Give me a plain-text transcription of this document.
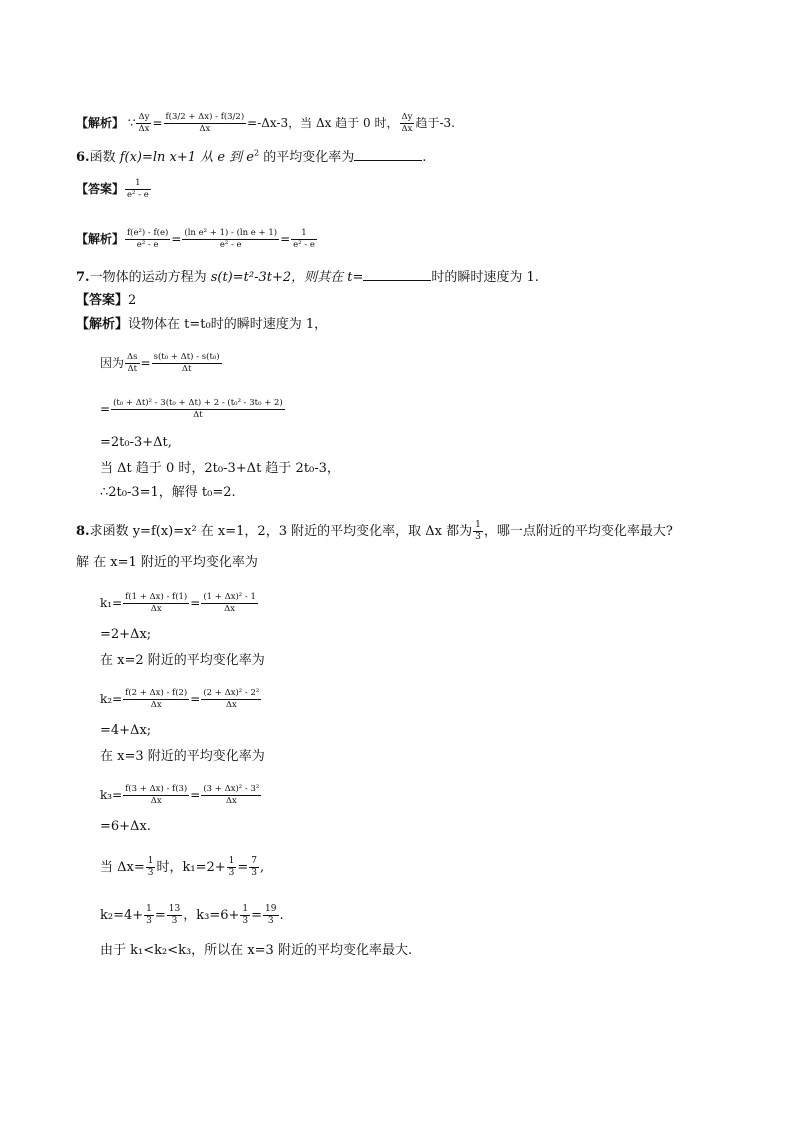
【解析】 ∵ $\frac{\Delta y}{\Delta x} = \frac{f(3/2 + \Delta x) - f(3/2)}{\Delta x} =-\Delta x-3$，当 Δx 趋于 0 时， $\frac{\Delta y}{\Delta x}$ 趋于-3.
6.函数 f(x)=ln x+1 从 e 到 $e^2$ 的平均变化率为	.
【答案】 $\frac{1}{\text{e² - e}}$
【解析】 $\frac{\text{f(e²) - f(e)}}{\text{e² - e}} = \frac{\text{(ln e² + 1) - (ln e + 1)}}{\text{e² - e}} = \frac{1}{\text{e² - e}}$
7.一物体的运动方程为 s(t)=t²-3t+2，则其在 t=	时的瞬时速度为 1.
【答案】2
【解析】设物体在 t=t₀时的瞬时速度为 1，
因为 $\frac{\Delta s}{\Delta t} = \frac{\text{s(t₀ + Δt) - s(t₀)}}{\Delta t}$
= $\frac{\text{(t₀ + Δt)² - 3(t₀ + Δt) + 2 - (t₀² - 3t₀ + 2)}}{\Delta t}$
=2t₀-3+Δt,
当 Δt 趋于 0 时，2t₀-3+Δt 趋于 2t₀-3，
∴2t₀-3=1，解得 t₀=2.
8.求函数 y=f(x)=x² 在 x=1，2，3 附近的平均变化率，取 Δx 都为 $\frac{1}{3}$ ，哪一点附近的平均变化率最大?
解 在 x=1 附近的平均变化率为
$k_1= \frac{f(1 + \Delta x) - f(1)}{\Delta x} = \frac{\text{(1 + Δx)² - 1}}{\Delta x}$
=2+Δx;
在 x=2 附近的平均变化率为
$k_2= \frac{f(2 + \Delta x) - f(2)}{\Delta x} = \frac{\text{(2 + Δx)² - 2²}}{\Delta x}$
=4+Δx;
在 x=3 附近的平均变化率为
$k_3= \frac{f(3 + \Delta x) - f(3)}{\Delta x} = \frac{\text{(3 + Δx)² - 3²}}{\Delta x}$
=6+Δx.
当 $\Delta x= \frac{1}{3}$ 时，$k_1=2+ \frac{1}{3} = \frac{7}{3}$ ,
$k_2=4+ \frac{1}{3} = \frac{13}{3}$ ，$k_3=6+ \frac{1}{3} = \frac{19}{3}$ .
由于 k₁<k₂<k₃，所以在 x=3 附近的平均变化率最大.
